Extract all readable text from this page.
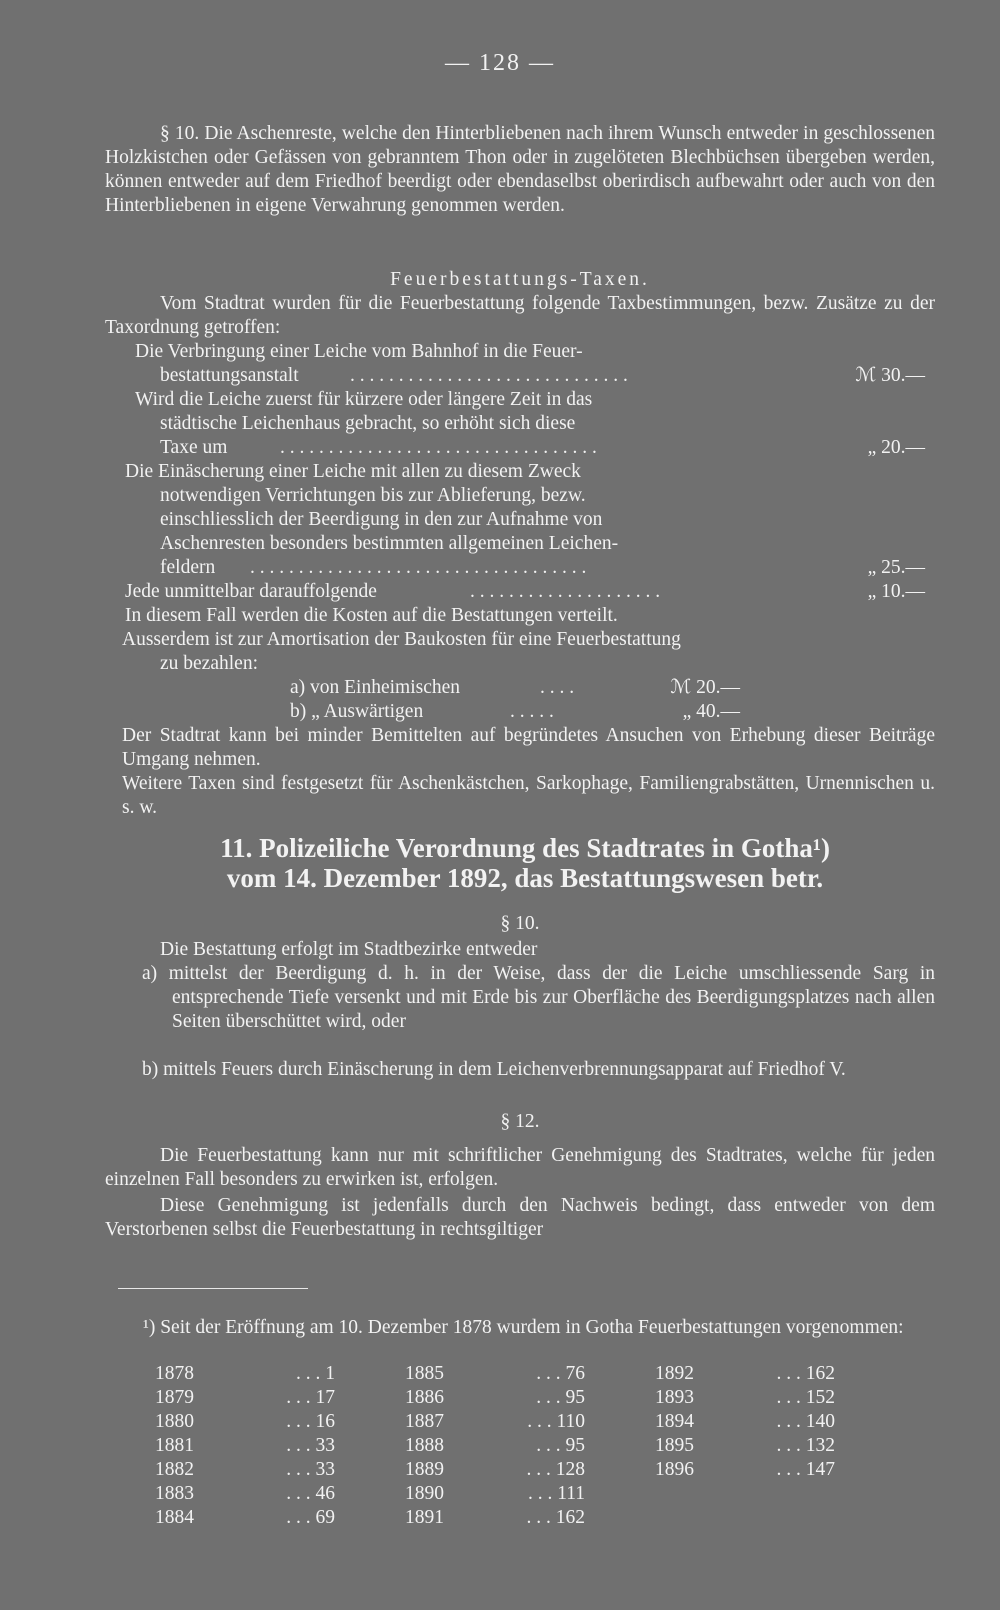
— 128 —
§ 10. Die Aschenreste, welche den Hinterbliebenen nach ihrem Wunsch entweder in geschlossenen Holzkistchen oder Gefässen von gebranntem Thon oder in zugelöteten Blechbüchsen übergeben werden, können entweder auf dem Friedhof beerdigt oder ebendaselbst oberirdisch aufbewahrt oder auch von den Hinterbliebenen in eigene Verwahrung genommen werden.
Feuerbestattungs-Taxen.
Vom Stadtrat wurden für die Feuerbestattung folgende Taxbestimmungen, bezw. Zusätze zu der Taxordnung getroffen:
Die Verbringung einer Leiche vom Bahnhof in die Feuer-
bestattungsanstalt	. . . . . . . . . . . . . . . . . . . . . . . . . . . . .	ℳ 30.—
Wird die Leiche zuerst für kürzere oder längere Zeit in das
städtische Leichenhaus gebracht, so erhöht sich diese
Taxe um	. . . . . . . . . . . . . . . . . . . . . . . . . . . . . . . . .	„ 20.—
Die Einäscherung einer Leiche mit allen zu diesem Zweck
notwendigen Verrichtungen bis zur Ablieferung, bezw.
einschliesslich der Beerdigung in den zur Aufnahme von
Aschenresten besonders bestimmten allgemeinen Leichen-
feldern . . . . . . . . . . . . . . . . . . . . . . . . . . . . . . . . . . .	„ 25.—
Jede unmittelbar darauffolgende	. . . . . . . . . . . . . . . . . . . .	„ 10.—
In diesem Fall werden die Kosten auf die Bestattungen verteilt.

Ausserdem ist zur Amortisation der Baukosten für eine Feuerbestattung

zu bezahlen:

a) von Einheimischen	. . . .	ℳ 20.—
b) „ Auswärtigen	. . . . .	„ 40.—
Der Stadtrat kann bei minder Bemittelten auf begründetes Ansuchen von Erhebung dieser Beiträge Umgang nehmen.
Weitere Taxen sind festgesetzt für Aschenkästchen, Sarkophage, Familiengrabstätten, Urnennischen u. s. w.
11. Polizeiliche Verordnung des Stadtrates in Gotha¹)
vom 14. Dezember 1892, das Bestattungswesen betr.
§ 10.
Die Bestattung erfolgt im Stadtbezirke entweder
a) mittelst der Beerdigung d. h. in der Weise, dass der die Leiche umschliessende Sarg in entsprechende Tiefe versenkt und mit Erde bis zur Oberfläche des Beerdigungsplatzes nach allen Seiten überschüttet wird, oder
b) mittels Feuers durch Einäscherung in dem Leichenverbrennungsapparat auf Friedhof V.
§ 12.
Die Feuerbestattung kann nur mit schriftlicher Genehmigung des Stadtrates, welche für jeden einzelnen Fall besonders zu erwirken ist, erfolgen.
Diese Genehmigung ist jedenfalls durch den Nachweis bedingt, dass entweder von dem Verstorbenen selbst die Feuerbestattung in rechtsgiltiger
¹) Seit der Eröffnung am 10. Dezember 1878 wurdem in Gotha Feuerbestattungen vorgenommen:
1878	. . . 1	1885	. . . 76	1892	. . . 162
1879	. . . 17	1886	. . . 95	1893	. . . 152
1880	. . . 16	1887	. . . 110	1894	. . . 140
1881	. . . 33	1888	. . . 95	1895	. . . 132
1882	. . . 33	1889	. . . 128	1896	. . . 147
1883	. . . 46	1890	. . . 111		
1884	. . . 69	1891	. . . 162		
